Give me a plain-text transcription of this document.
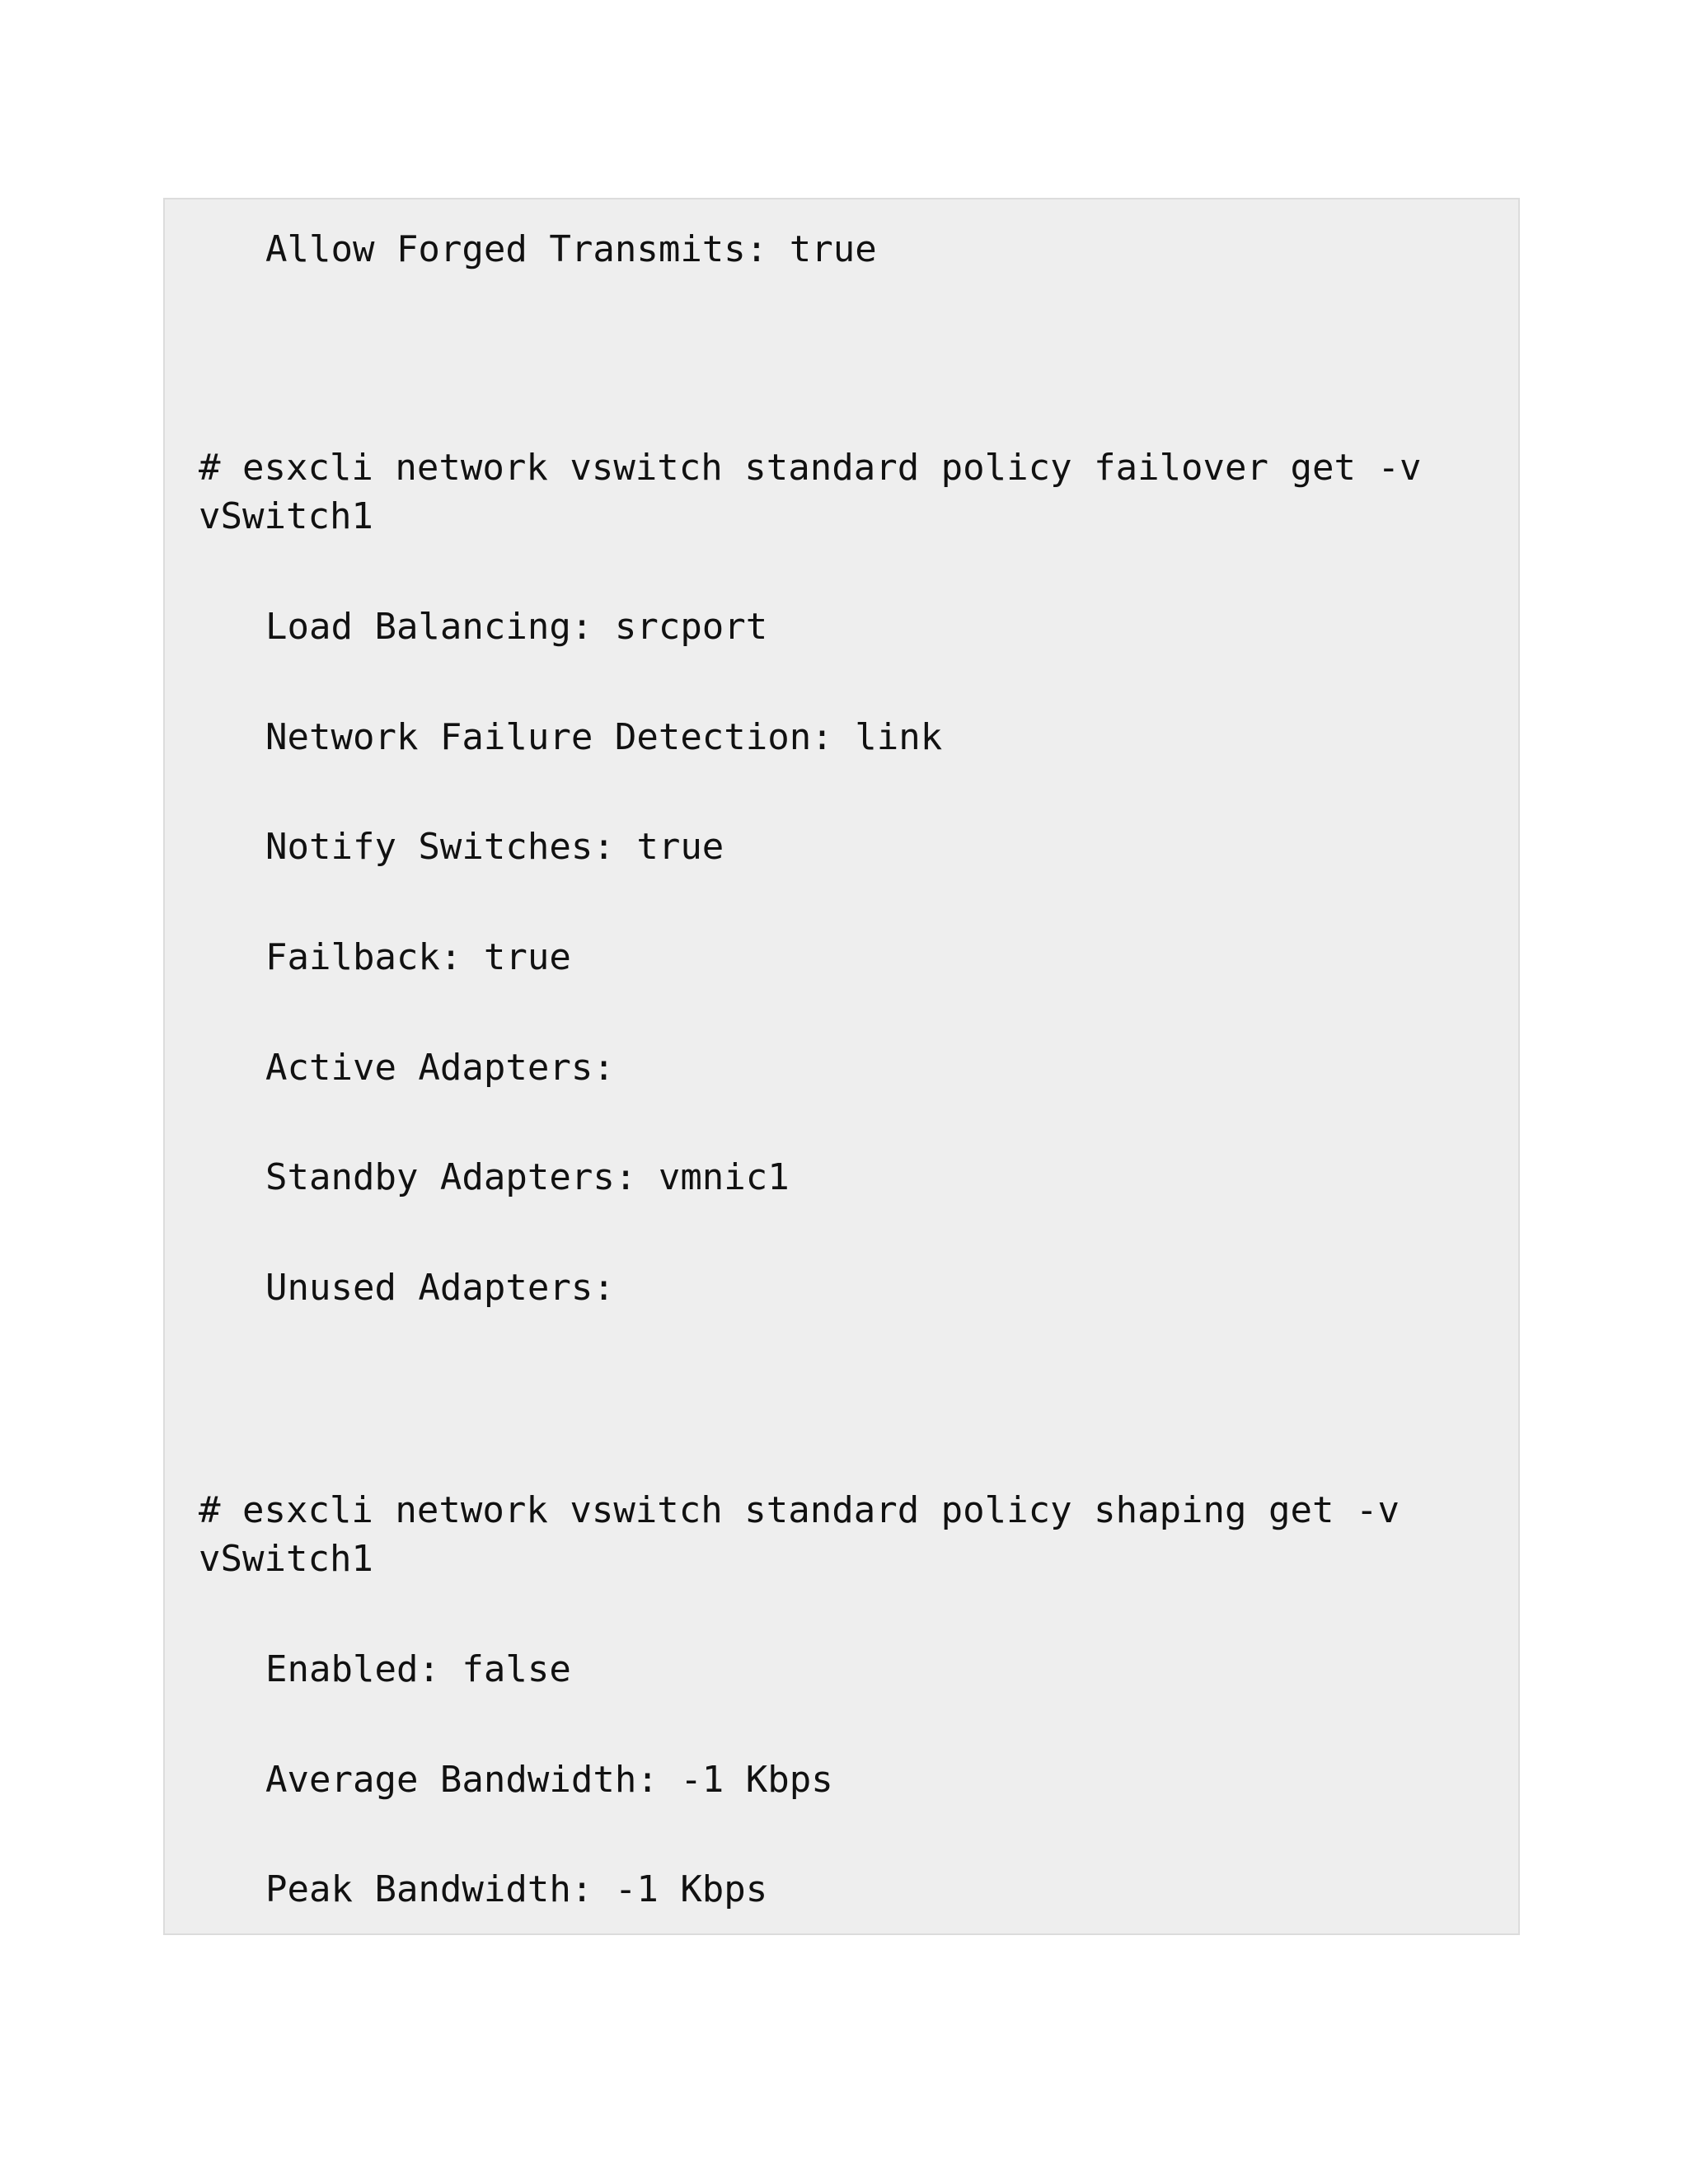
Allow Forged Transmits: true
# esxcli network vswitch standard policy failover get -v
vSwitch1
Load Balancing: srcport
Network Failure Detection: link
Notify Switches: true
Failback: true
Active Adapters:
Standby Adapters: vmnic1
Unused Adapters:
# esxcli network vswitch standard policy shaping get -v
vSwitch1
Enabled: false
Average Bandwidth: -1 Kbps
Peak Bandwidth: -1 Kbps
